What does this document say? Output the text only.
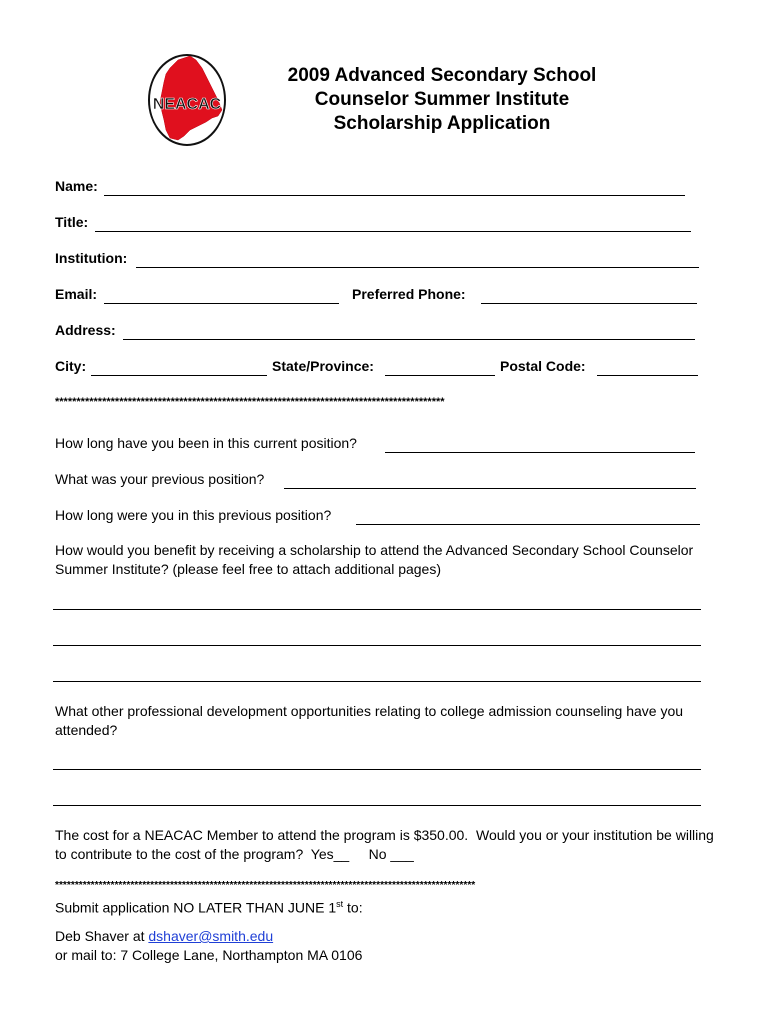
NEACAC
2009 Advanced Secondary School
Counselor Summer Institute
Scholarship Application
Name:
Title:
Institution:
Email:	Preferred Phone:
Address:
City:	State/Province:	Postal Code:
*******************************************************************************************
How long have you been in this current position?
What was your previous position?
How long were you in this previous position?
How would you benefit by receiving a scholarship to attend the Advanced Secondary School Counselor Summer Institute? (please feel free to attach additional pages)
What other professional development opportunities relating to college admission counseling have you attended?
The cost for a NEACAC Member to attend the program is $350.00.  Would you or your institution be willing to contribute to the cost of the program?  Yes__     No ___
**********************************************************************************************************
Submit application NO LATER THAN JUNE 1st to:
Deb Shaver at dshaver@smith.edu
or mail to: 7 College Lane, Northampton MA 0106
